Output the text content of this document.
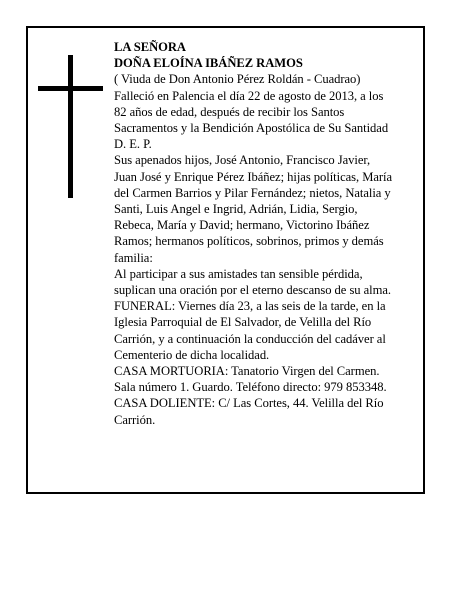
LA SEÑORA
DOÑA ELOÍNA IBÁÑEZ RAMOS
( Viuda de Don Antonio Pérez Roldán - Cuadrao)
Falleció en Palencia el día 22 de agosto de 2013, a los
82 años de edad, después de recibir los Santos
Sacramentos y la Bendición Apostólica de Su Santidad
D. E. P.
Sus apenados hijos, José Antonio, Francisco Javier,
Juan José y Enrique Pérez Ibáñez; hijas políticas, María
del Carmen Barrios y Pilar Fernández; nietos, Natalia y
Santi, Luis Angel e Ingrid, Adrián, Lidia, Sergio,
Rebeca, María y David; hermano, Victorino Ibáñez
Ramos; hermanos políticos, sobrinos, primos y demás
familia:
Al participar a sus amistades tan sensible pérdida,
suplican una oración por el eterno descanso de su alma.
FUNERAL: Viernes día 23, a las seis de la tarde, en la
Iglesia Parroquial de El Salvador, de Velilla del Río
Carrión, y a continuación la conducción del cadáver al
Cementerio de dicha localidad.
CASA MORTUORIA: Tanatorio Virgen del Carmen.
Sala número 1. Guardo. Teléfono directo: 979 853348.
CASA DOLIENTE: C/ Las Cortes, 44. Velilla del Río
Carrión.
